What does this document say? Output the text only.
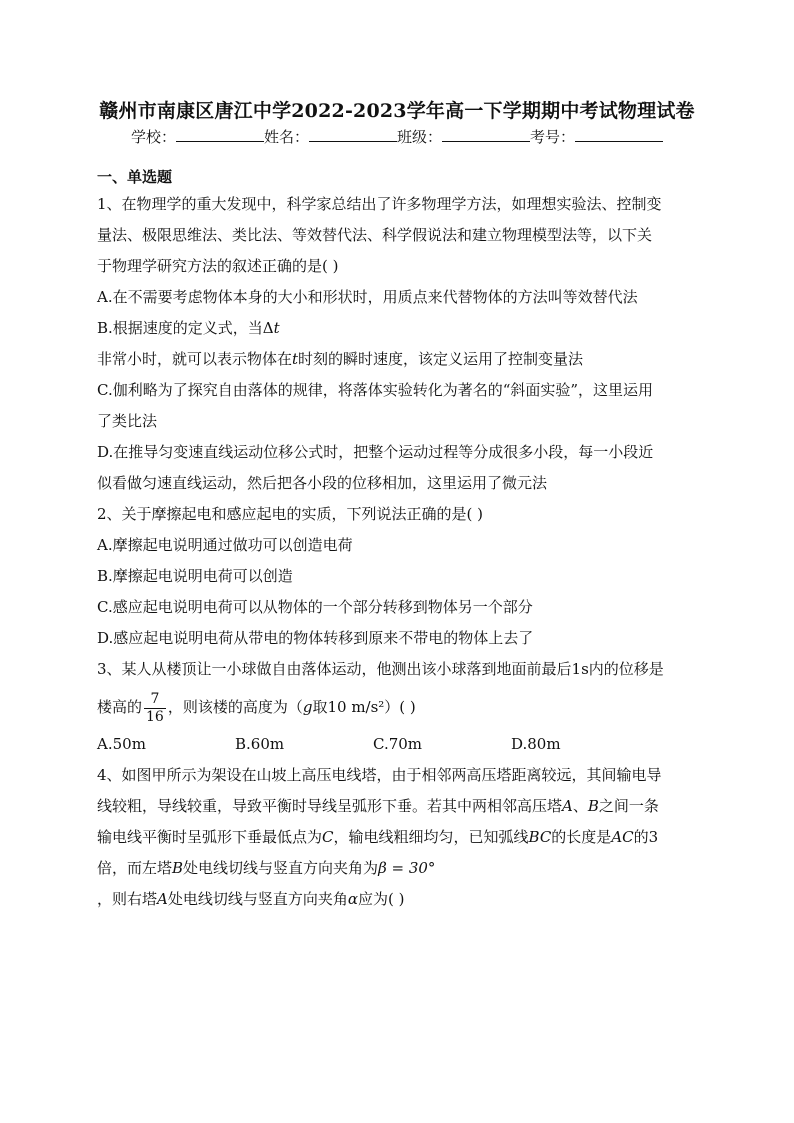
赣州市南康区唐江中学2022-2023学年高一下学期期中考试物理试卷
学校：	姓名：	班级：	考号：
一、单选题
1、在物理学的重大发现中，科学家总结出了许多物理学方法，如理想实验法、控制变
量法、极限思维法、类比法、等效替代法、科学假说法和建立物理模型法等，以下关
于物理学研究方法的叙述正确的是( )
A.在不需要考虑物体本身的大小和形状时，用质点来代替物体的方法叫等效替代法
B.根据速度的定义式，当Δt
非常小时，就可以表示物体在t时刻的瞬时速度，该定义运用了控制变量法
C.伽利略为了探究自由落体的规律，将落体实验转化为著名的“斜面实验”，这里运用
了类比法
D.在推导匀变速直线运动位移公式时，把整个运动过程等分成很多小段，每一小段近
似看做匀速直线运动，然后把各小段的位移相加，这里运用了微元法
2、关于摩擦起电和感应起电的实质，下列说法正确的是( )
A.摩擦起电说明通过做功可以创造电荷
B.摩擦起电说明电荷可以创造
C.感应起电说明电荷可以从物体的一个部分转移到物体另一个部分
D.感应起电说明电荷从带电的物体转移到原来不带电的物体上去了
3、某人从楼顶让一小球做自由落体运动，他测出该小球落到地面前最后1s内的位移是
楼高的 $\frac{7}{16}$ ，则该楼的高度为（g取10 m/s²）( )
A.50m	B.60m	C.70m	D.80m
4、如图甲所示为架设在山坡上高压电线塔，由于相邻两高压塔距离较远，其间输电导
线较粗，导线较重，导致平衡时导线呈弧形下垂。若其中两相邻高压塔A、B之间一条
输电线平衡时呈弧形下垂最低点为C，输电线粗细均匀，已知弧线BC的长度是AC的3
倍，而左塔B处电线切线与竖直方向夹角为β = 30°
，则右塔A处电线切线与竖直方向夹角α应为( )
